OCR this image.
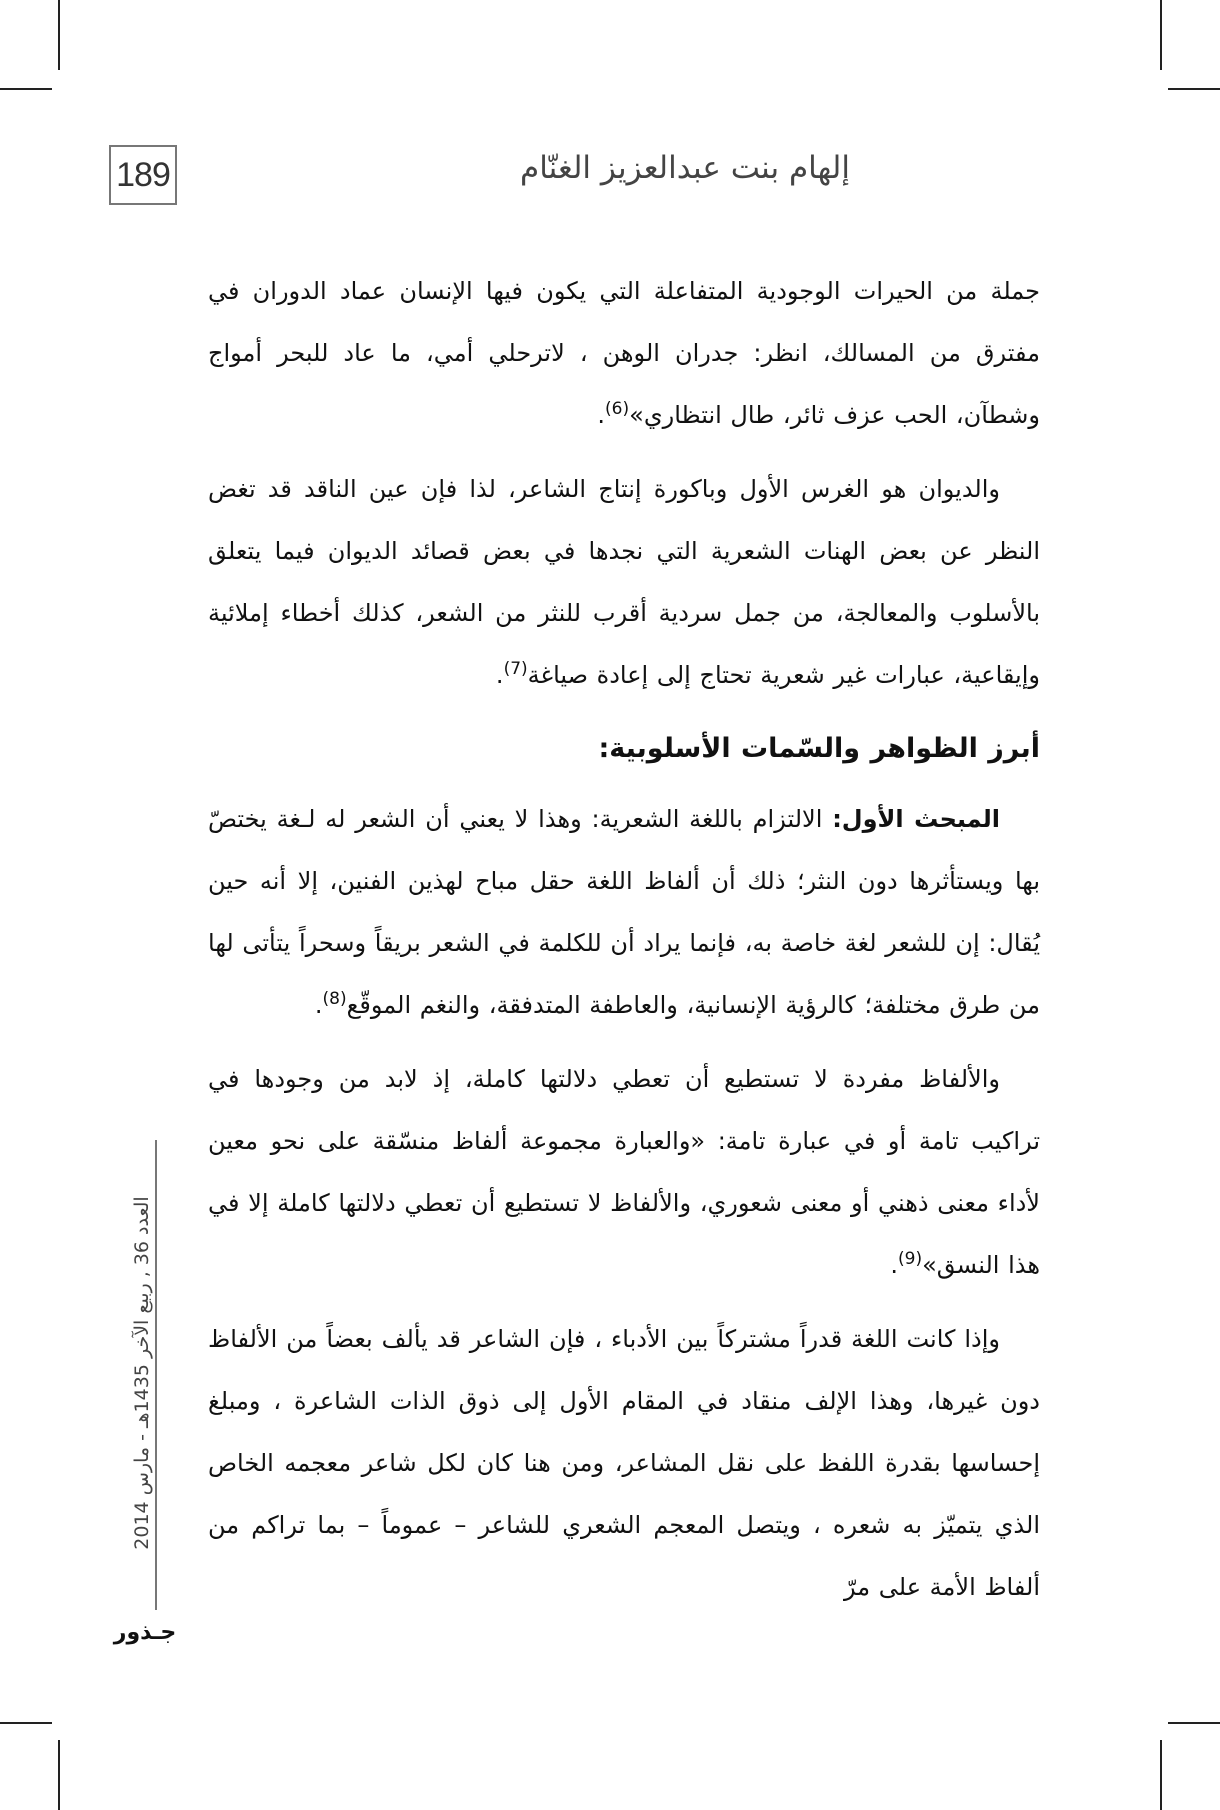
189	إلهام بنت عبدالعزيز الغنّام

جملة من الحيرات الوجودية المتفاعلة التي يكون فيها الإنسان عماد الدوران في مفترق من المسالك، انظر: جدران الوهن ، لاترحلي أمي، ما عاد للبحر أمواج وشطآن، الحب عزف ثائر، طال انتظاري»$^{(6)}$.

والديوان هو الغرس الأول وباكورة إنتاج الشاعر، لذا فإن عين الناقد قد تغض النظر عن بعض الهنات الشعرية التي نجدها في بعض قصائد الديوان فيما يتعلق بالأسلوب والمعالجة، من جمل سردية أقرب للنثر من الشعر، كذلك أخطاء إملائية وإيقاعية، عبارات غير شعرية تحتاج إلى إعادة صياغة$^{(7)}$.

أبرز الظواهر والسّمات الأسلوبية:

المبحث الأول: الالتزام باللغة الشعرية: وهذا لا يعني أن الشعر له لـغة يختصّ بها ويستأثرها دون النثر؛ ذلك أن ألفاظ اللغة حقل مباح لهذين الفنين، إلا أنه حين يُقال: إن للشعر لغة خاصة به، فإنما يراد أن للكلمة في الشعر بريقاً وسحراً يتأتى لها من طرق مختلفة؛ كالرؤية الإنسانية، والعاطفة المتدفقة، والنغم الموقّع$^{(8)}$.

والألفاظ مفردة لا تستطيع أن تعطي دلالتها كاملة، إذ لابد من وجودها في تراكيب تامة أو في عبارة تامة: «والعبارة مجموعة ألفاظ منسّقة على نحو معين لأداء معنى ذهني أو معنى شعوري، والألفاظ لا تستطيع أن تعطي دلالتها كاملة إلا في هذا النسق»$^{(9)}$.

وإذا كانت اللغة قدراً مشتركاً بين الأدباء ، فإن الشاعر قد يألف بعضاً من الألفاظ دون غيرها، وهذا الإلف منقاد في المقام الأول إلى ذوق الذات الشاعرة ، ومبلغ إحساسها بقدرة اللفظ على نقل المشاعر، ومن هنا كان لكل شاعر معجمه الخاص الذي يتميّز به شعره ، ويتصل المعجم الشعري للشاعر – عموماً – بما تراكم من ألفاظ الأمة على مرّ

العدد 36 , ربيع الآخر 1435هـ - مارس 2014
جـذور
